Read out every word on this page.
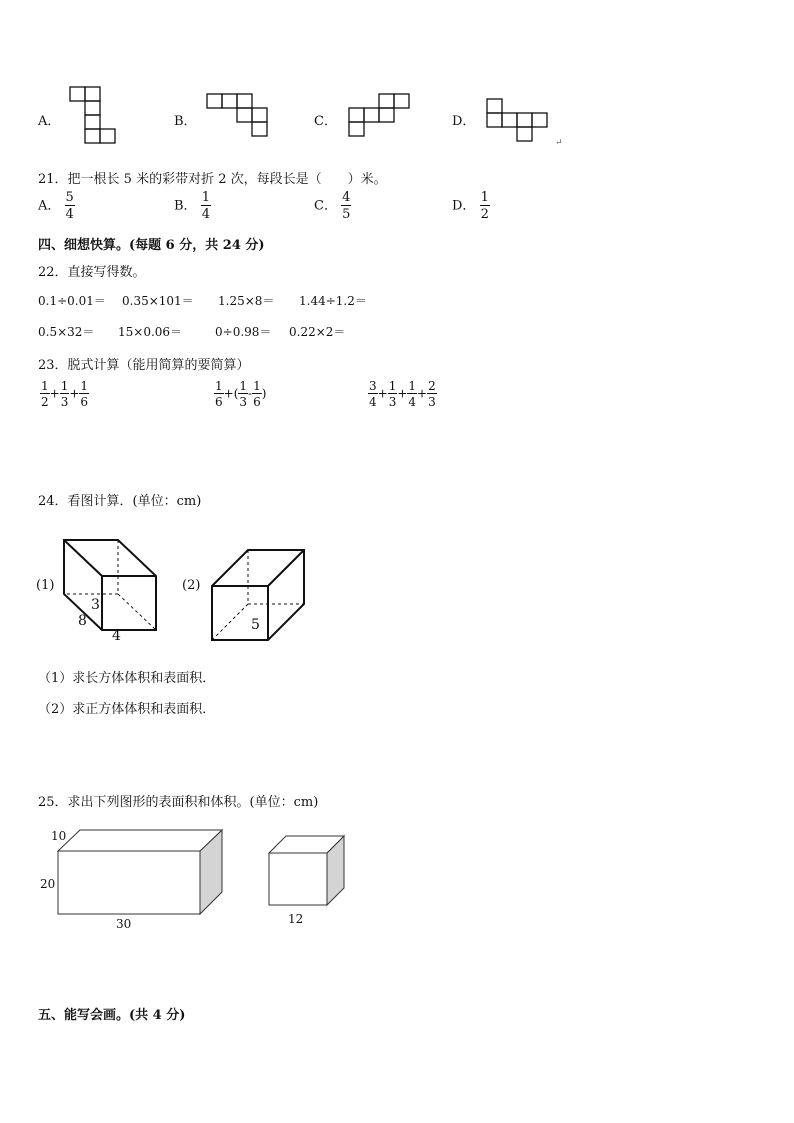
A．	B．	C．	D．
↵
21．把一根长 5 米的彩带对折 2 次，每段长是（　　）米。
A． $\frac{5}{4}$	B． $\frac{1}{4}$	C． $\frac{4}{5}$	D． $\frac{1}{2}$
四、细想快算。(每题 6 分，共 24 分)
22．直接写得数。
0.1÷0.01＝ 0.35×101＝ 1.25×8＝ 1.44÷1.2＝
0.5×32＝ 15×0.06＝	0÷0.98＝ 0.22×2＝
23．脱式计算（能用简算的要简算）
$\frac{1}{2} + \frac{1}{3} + \frac{1}{6}$	$\frac{1}{6}$ +( $\frac{1}{3} - \frac{1}{6}$ )	$\frac{3}{4} + \frac{1}{3} + \frac{1}{4} + \frac{2}{3}$
24．看图计算．(单位：cm)
(1)
3
8
4
(2)
5
（1）求长方体体积和表面积．
（2）求正方体体积和表面积．
25．求出下列图形的表面积和体积。(单位：cm)
10
20
30	12
五、能写会画。(共 4 分)
